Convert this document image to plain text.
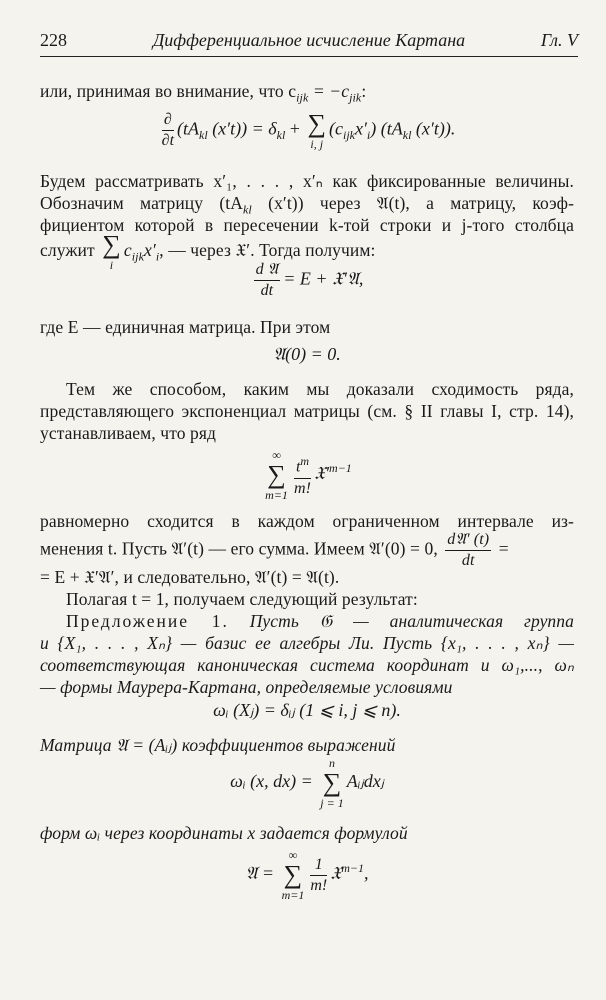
228	Дифференциальное исчисление Картана	Гл. V
или, принимая во внимание, что $c_{ijk} = -c_{jik}$:
$\frac{\partial}{\partial t} (tA_{kl}$ $(x't)) = \delta_{kl}$ + ∑
i, j
$(c_{ijk}x'_i)$ ($tA_{kl}$ (x′t)).
Будем рассматривать x′₁, . . . , x′ₙ как фиксированные величины.
Обозначим матрицу ($tA_{kl}$ (x′t)) через 𝔄(t), а матрицу, коэф-
фициентом которой в пересечении k-той строки и j-того столбца
служит ∑
i
$c_{ijk}x'_i$, — через 𝔛′. Тогда получим:
$\frac{\text{d 𝔄}}{dt} = E$ + 𝔛′𝔄,
где E — единичная матрица. При этом
𝔄(0) = 0.
Тем же способом, каким мы доказали сходимость ряда,
представляющего экспоненциал матрицы (см. § II главы I, стр. 14),
устанавливаем, что ряд
∞
∑
$m=1 \frac{t^m}{m!}$ $𝔛'^{m-1}$
равномерно сходится в каждом ограниченном интервале из-
менения t. Пусть 𝔄′(t) — его сумма. Имеем 𝔄′(0) = 0, $\frac{\text{d𝔄′ (t)}}{dt}$ =
= E + 𝔛′𝔄′, и следовательно, 𝔄′(t) = 𝔄(t).
Полагая t = 1, получаем следующий результат:
Предложение 1. Пусть 𝔊 — аналитическая группа
и {X₁, . . . , Xₙ} — базис ее алгебры Ли. Пусть {x₁, . . . , xₙ} —
соответствующая каноническая система координат и ω₁,..., ωₙ
— формы Маурера-Картана, определяемые условиями
ωᵢ (Xⱼ) = δᵢⱼ (1 ⩽ i, j ⩽ n).
Матрица 𝔄 = (Aᵢⱼ) коэффициентов выражений
ωᵢ (x, dx) =
n
∑
j = 1
Aᵢⱼdxⱼ
форм ωᵢ через координаты x задается формулой
𝔄 =
∞
∑
$m=1 \frac{1}{m!}$ 𝔛$^{m-1}$,
